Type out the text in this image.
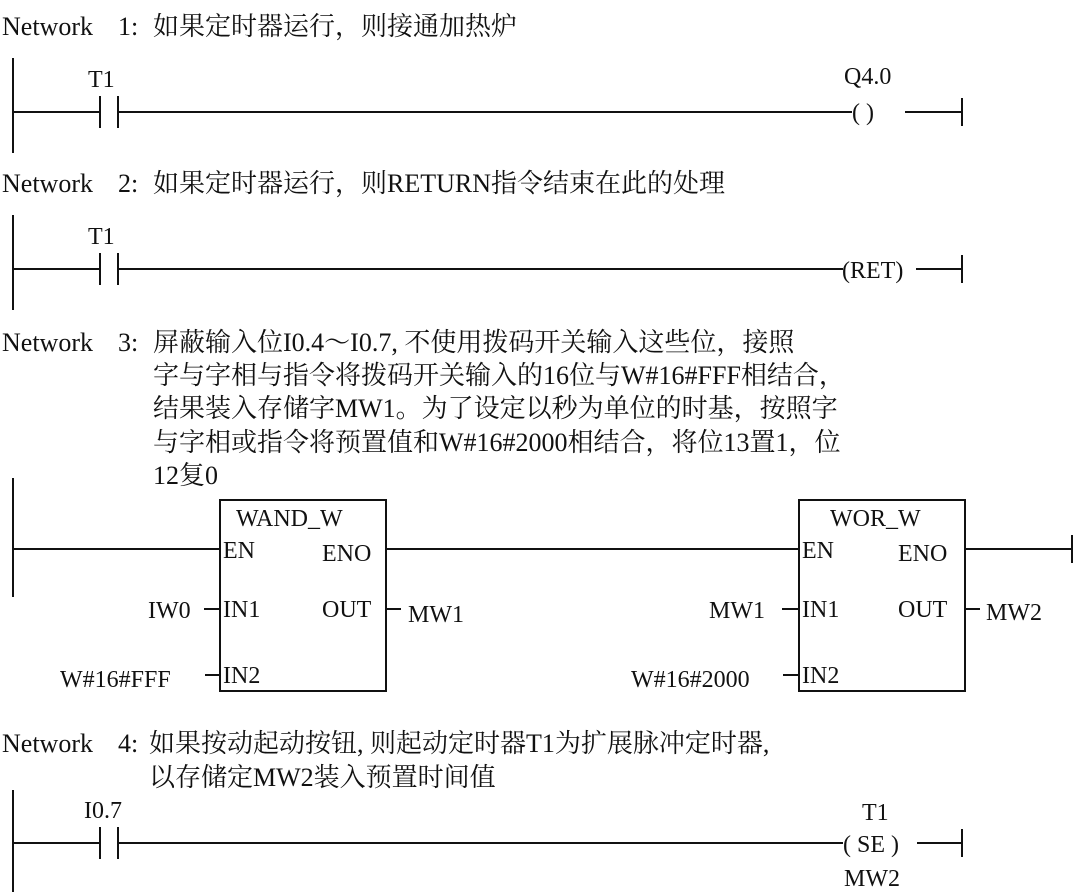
Network 1: 如果定时器运行，则接通加热炉
T1	Q4.0
( )
Network 2: 如果定时器运行，则RETURN指令结束在此的处理
T1
(RET)
Network 3: 屏蔽输入位I0.4～I0.7, 不使用拨码开关输入这些位，接照
字与字相与指令将拨码开关输入的16位与W#16#FFF相结合，
结果装入存储字MW1。为了设定以秒为单位的时基，按照字
与字相或指令将预置值和W#16#2000相结合，将位13置1，位
12复0
WAND_W
EN	ENO
IN1	OUT
IN2
IW0
W#16#FFF
MW1
WOR_W
EN	ENO
IN1 OUT
IN2
MW1
W#16#2000
MW2
Network 4: 如果按动起动按钮, 则起动定时器T1为扩展脉冲定时器,
以存储定MW2装入预置时间值
I0.7	T1
( SE )
MW2
